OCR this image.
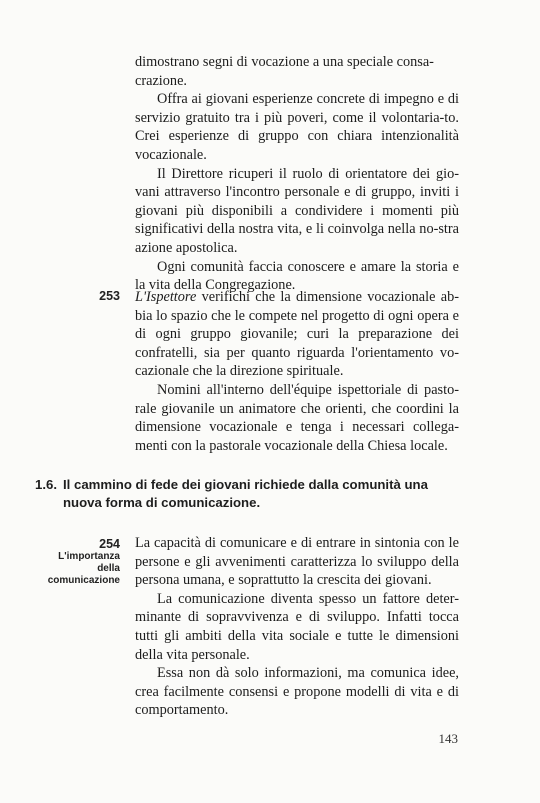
dimostrano segni di vocazione a una speciale consa-

crazione.

Offra ai giovani esperienze concrete di impegno e di servizio gratuito tra i più poveri, come il volontaria-to. Crei esperienze di gruppo con chiara intenzionalità vocazionale.

Il Direttore ricuperi il ruolo di orientatore dei gio-vani attraverso l'incontro personale e di gruppo, inviti i giovani più disponibili a condividere i momenti più significativi della nostra vita, e li coinvolga nella no-stra azione apostolica.

Ogni comunità faccia conoscere e amare la storia e la vita della Congregazione.

253 L'Ispettore verifichi che la dimensione vocazionale ab-bia lo spazio che le compete nel progetto di ogni opera e di ogni gruppo giovanile; curi la preparazione dei confratelli, sia per quanto riguarda l'orientamento vo-cazionale che la direzione spirituale.

Nomini all'interno dell'équipe ispettoriale di pasto-rale giovanile un animatore che orienti, che coordini la dimensione vocazionale e tenga i necessari collega-menti con la pastorale vocazionale della Chiesa locale.

1.6. Il cammino di fede dei giovani richiede dalla comunità una
nuova forma di comunicazione.
254
L'importanza
della
comunicazione

La capacità di comunicare e di entrare in sintonia con le persone e gli avvenimenti caratterizza lo sviluppo della persona umana, e soprattutto la crescita dei giovani.

La comunicazione diventa spesso un fattore deter-minante di sopravvivenza e di sviluppo. Infatti tocca tutti gli ambiti della vita sociale e tutte le dimensioni della vita personale.

Essa non dà solo informazioni, ma comunica idee, crea facilmente consensi e propone modelli di vita e di comportamento.

143
